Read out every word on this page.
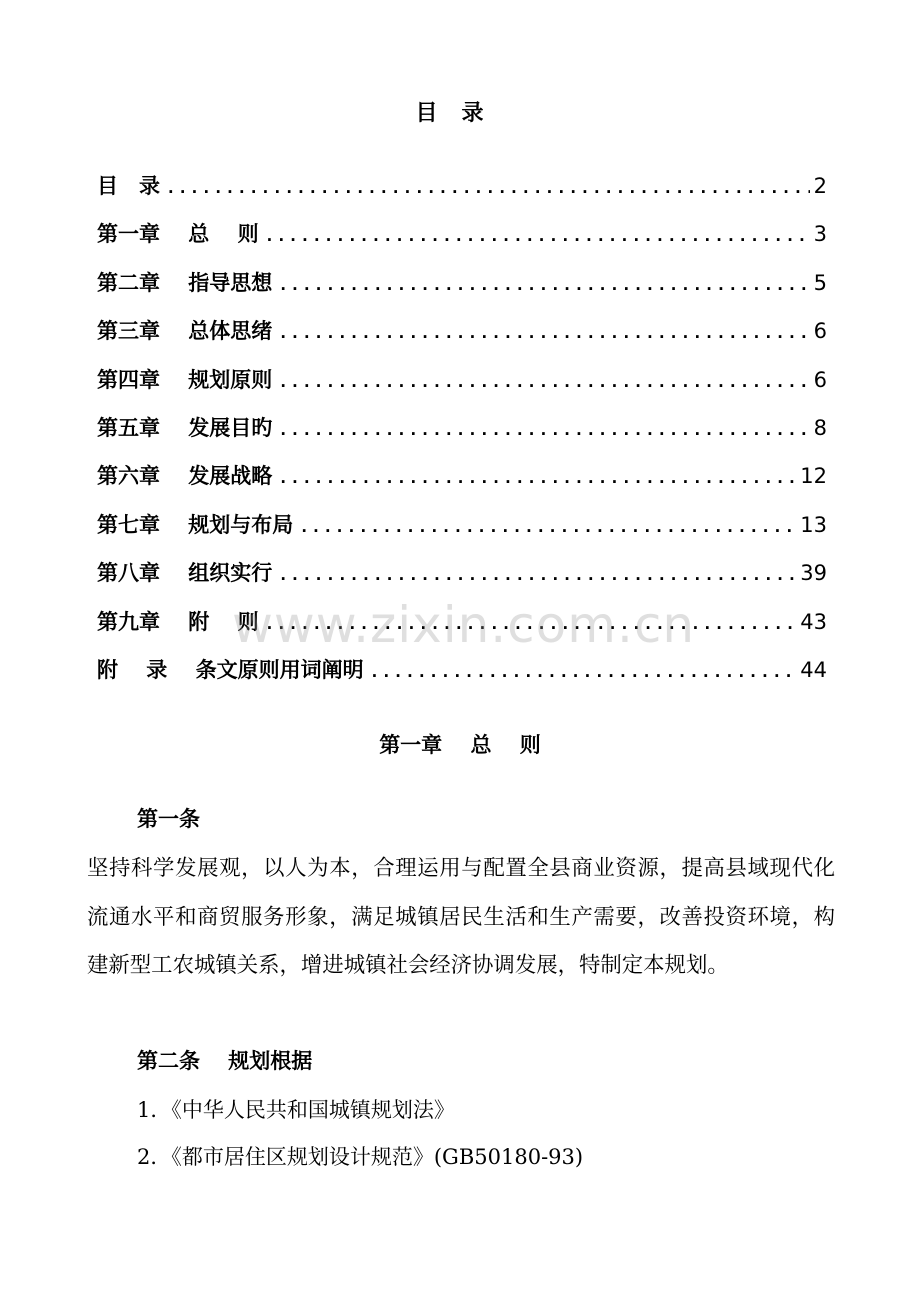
目　录
目　录 .....	2
第一章　 总　 则 .....	3
第二章　 指导思想 .....	5
第三章　 总体思绪 .....	6
第四章　 规划原则 .....	6
第五章　 发展目旳 .....	8
第六章　 发展战略 .....	12
第七章　 规划与布局 .....	13
第八章　 组织实行 .....	39
第九章　 附　 则 .....	43
附　 录　 条文原则用词阐明 .....	44
www.zixin.com.cn
第一章　 总　 则
第一条
坚持科学发展观，以人为本，合理运用与配置全县商业资源，提高县域现代化流通水平和商贸服务形象，满足城镇居民生活和生产需要，改善投资环境，构建新型工农城镇关系，增进城镇社会经济协调发展，特制定本规划。
第二条　 规划根据
1．《中华人民共和国城镇规划法》
2．《都市居住区规划设计规范》(GB50180-93)
